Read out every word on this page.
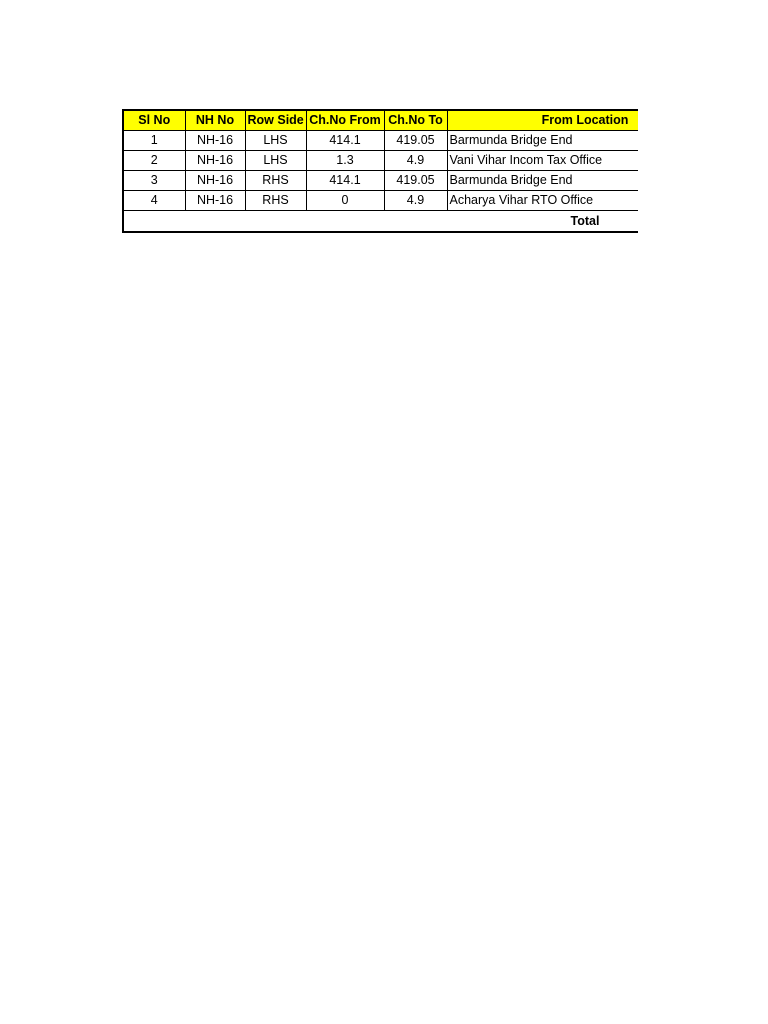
Sl No	NH No	Row Side	Ch.No From	Ch.No To	From Location
1	NH-16	LHS	414.1	419.05	Barmunda Bridge End
2	NH-16	LHS	1.3	4.9	Vani Vihar Incom Tax Office
3	NH-16	RHS	414.1	419.05	Barmunda Bridge End
4	NH-16	RHS	0	4.9	Acharya Vihar RTO Office
					Total
